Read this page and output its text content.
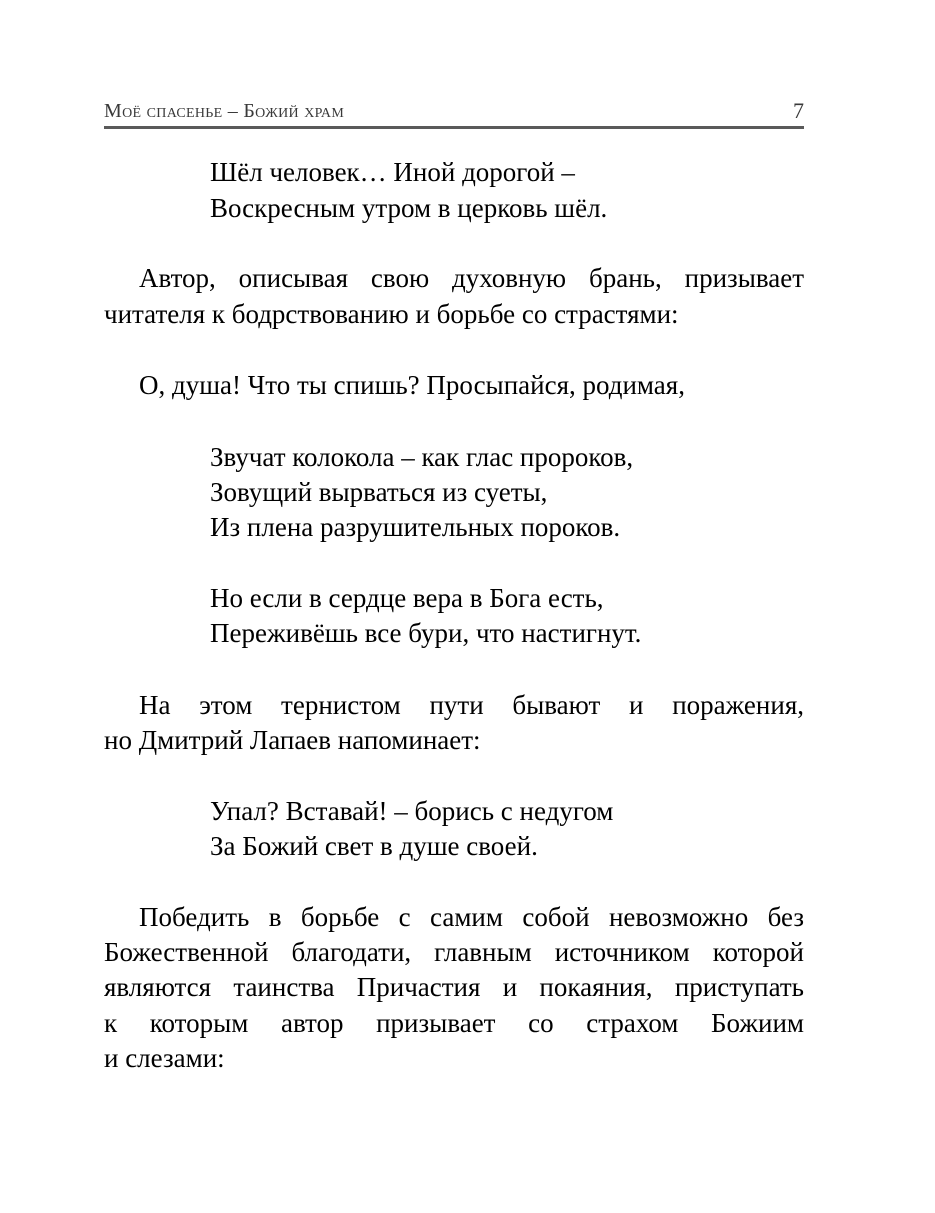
Моё спасенье – Божий храм	7
Шёл человек… Иной дорогой –
Воскресным утром в церковь шёл.
Автор, описывая свою духовную брань, призывает
читателя к бодрствованию и борьбе со страстями:
О, душа! Что ты спишь? Просыпайся, родимая,
Звучат колокола – как глас пророков,
Зовущий вырваться из суеты,
Из плена разрушительных пороков.
Но если в сердце вера в Бога есть,
Переживёшь все бури, что настигнут.
На этом тернистом пути бывают и поражения,
но Дмитрий Лапаев напоминает:
Упал? Вставай! – борись с недугом
За Божий свет в душе своей.
Победить в борьбе с самим собой невозможно без
Божественной благодати, главным источником которой
являются таинства Причастия и покаяния, приступать
к которым автор призывает со страхом Божиим
и слезами:
